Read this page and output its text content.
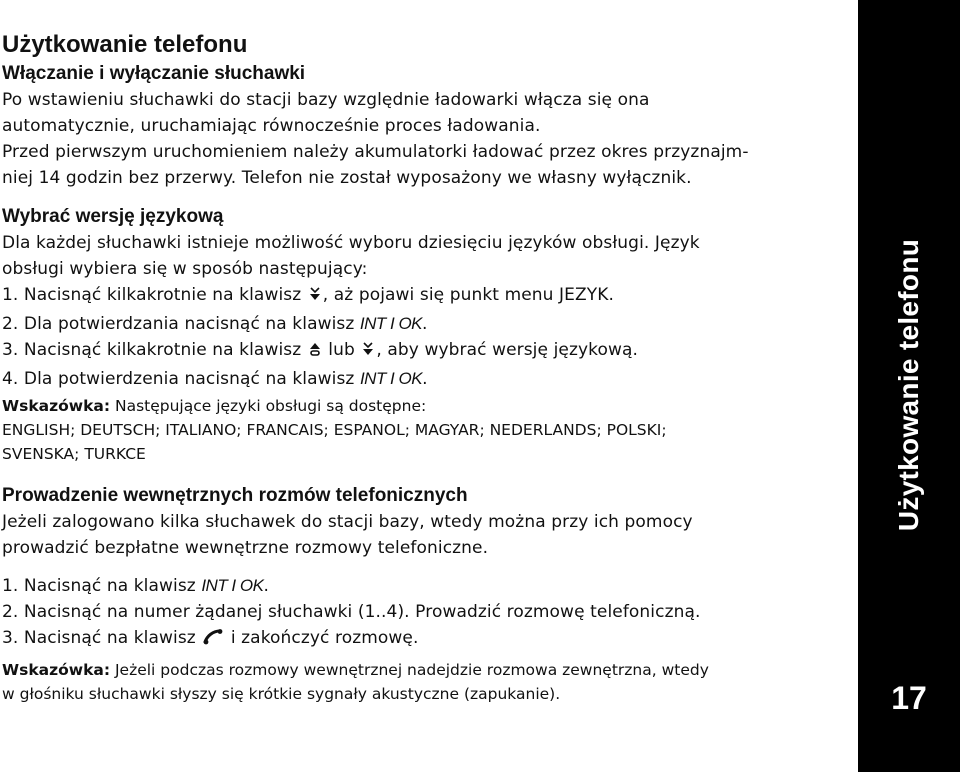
Użytkowanie telefonu
Włączanie i wyłączanie słuchawki

Po wstawieniu słuchawki do stacji bazy względnie ładowarki włącza się ona

automatycznie, uruchamiając równocześnie proces ładowania.

Przed pierwszym uruchomieniem należy akumulatorki ładować przez okres przyznajm-

niej 14 godzin bez przerwy. Telefon nie został wyposażony we własny wyłącznik.

Wybrać wersję językową

Dla każdej słuchawki istnieje możliwość wyboru dziesięciu języków obsługi. Język

obsługi wybiera się w sposób następujący:

1. Nacisnąć kilkakrotnie na klawisz , aż pojawi się punkt menu JEZYK.

2. Dla potwierdzania nacisnąć na klawisz INT I OK.

3. Nacisnąć kilkakrotnie na klawisz  lub , aby wybrać wersję językową.

4. Dla potwierdzenia nacisnąć na klawisz INT I OK.

Wskazówka: Następujące języki obsługi są dostępne:

ENGLISH; DEUTSCH; ITALIANO; FRANCAIS; ESPANOL; MAGYAR; NEDERLANDS; POLSKI;

SVENSKA; TURKCE

Prowadzenie wewnętrznych rozmów telefonicznych

Jeżeli zalogowano kilka słuchawek do stacji bazy, wtedy można przy ich pomocy

prowadzić bezpłatne wewnętrzne rozmowy telefoniczne.

1. Nacisnąć na klawisz INT I OK.

2. Nacisnąć na numer żądanej słuchawki (1..4). Prowadzić rozmowę telefoniczną.

3. Nacisnąć na klawisz  i zakończyć rozmowę.

Wskazówka: Jeżeli podczas rozmowy wewnętrznej nadejdzie rozmowa zewnętrzna, wtedy

w głośniku słuchawki słyszy się krótkie sygnały akustyczne (zapukanie).

Użytkowanie telefonu
17
